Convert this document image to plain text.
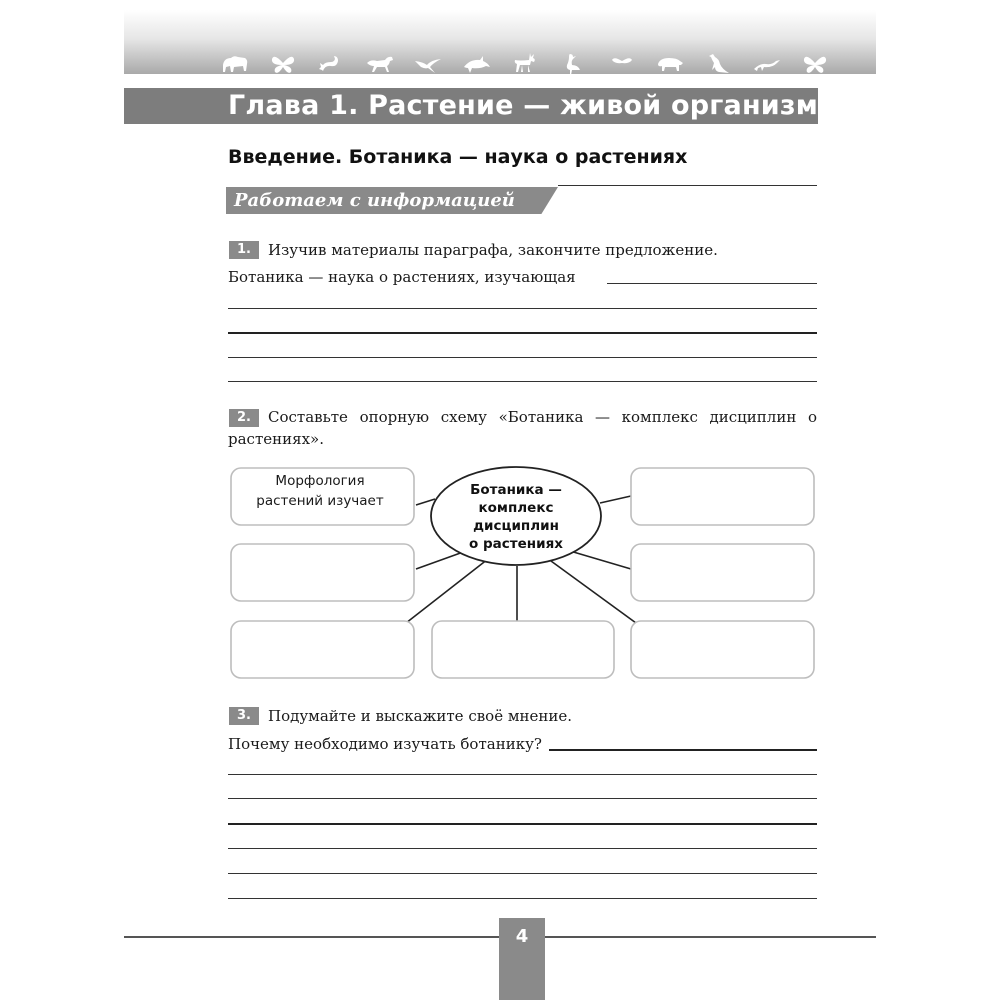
Глава 1. Растение — живой организм
Введение. Ботаника — наука о растениях
Работаем с информацией
1.	Изучив материалы параграфа, закончите предложение.
Ботаника — наука о растениях, изучающая
2.	Составьте опорную схему «Ботаника — комплекс дисциплин о растениях».
Морфология
растений изучает
Ботаника —
комплекс
дисциплин
о растениях
3.	Подумайте и выскажите своё мнение.
Почему необходимо изучать ботанику?
4
